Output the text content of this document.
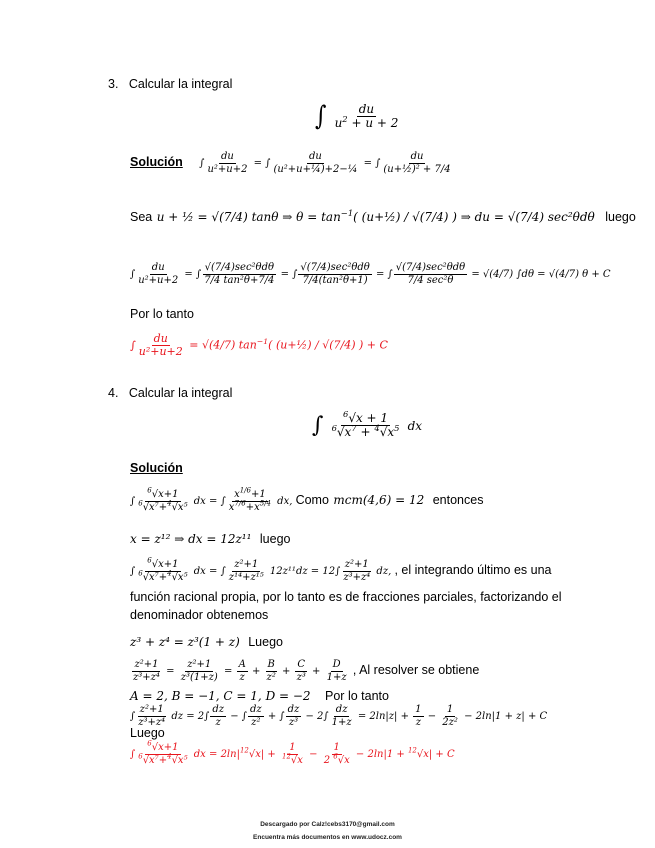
3. Calcular la integral
∫ $\frac{du}{u^2 + u + 2}$
Solución ∫ $\frac{du}{\text{u²+u+2}}$ = ∫ $\frac{du}{\text{(u²+u+¼)+2−¼}}$ = ∫ $\frac{du}{\text{(u+½)² + 7/4}}$
Sea u + ½ = √(7/4) tanθ ⇒ $\theta = \tan^{-1}$( (u+½) / √(7/4) ) ⇒ du = √(7/4) sec²θdθ luego
∫ $\frac{du}{\text{u²+u+2}}$ = ∫ $\frac{\text{√(7/4)sec²θdθ}}{\text{7/4 tan²θ+7/4}}$ = ∫ $\frac{\text{√(7/4)sec²θdθ}}{\text{7/4(tan²θ+1)}}$ = ∫ $\frac{\text{√(7/4)sec²θdθ}}{\text{7/4 sec²θ}} = √(4/7) \int d\theta = √(4/7) \theta + C$
Por lo tanto
∫ $\frac{du}{\text{u²+u+2}} = √(4/7)$ $\tan^{-1}$( (u+½) / √(7/4) ) + C
4. Calcular la integral
∫ $\frac{^6√x + 1}{^6√x^7 + ^4√x^5}$ dx
Solución
∫ $\frac{^6√x+1}{^6√x^7+^4√x^5}$ dx = ∫ $\frac{x^{1/6}+1}{x^{7/6}+x^{5/4}}$ dx, Como mcm(4,6) = 12 entonces
x = z¹² ⇒ dx = 12z¹¹ luego
∫ $\frac{^6√x+1}{^6√x^7+^4√x^5}$ dx = ∫ $\frac{\text{z²+1}}{\text{z¹⁴+z¹⁵}} 12z^{11}dz = 12\int \frac{\text{z²+1}}{\text{z³+z⁴}}$ dz, , el integrando último es una
función racional propia, por lo tanto es de fracciones parciales, factorizando el
denominador obtenemos
z³ + z⁴ = z³(1 + z) Luego
$\frac{\text{z²+1}}{\text{z³+z⁴}} = \frac{\text{z²+1}}{\text{z³(1+z)}} = \frac{A}{z} + \frac{B}{\text{z²}} + \frac{C}{\text{z³}} + \frac{D}{1+z}$ , Al resolver se obtiene
A = 2, B = −1, C = 1, D = −2 Por lo tanto
∫ $\frac{\text{z²+1}}{\text{z³+z⁴}}$ dz = $2\int \frac{dz}{z}$ − ∫ $\frac{dz}{\text{z²}}$ + ∫ $\frac{dz}{\text{z³}} - 2\int \frac{dz}{1+z} = 2\ln|z| + \frac{1}{z} - \frac{1}{\text{2z²}} - 2\ln|1 + z| + C$
Luego
∫ $\frac{^6√x+1}{^6√x^7+^4√x^5}$ dx = $2\ln|^{12}√x| + \frac{1}{^{12}√x} - \frac{1}{2 ^6√x} - 2\ln|1 + ^{12}√x| + C$
Descargado por Calz!cebs3170@gmail.com
Encuentra más documentos en www.udocz.com
